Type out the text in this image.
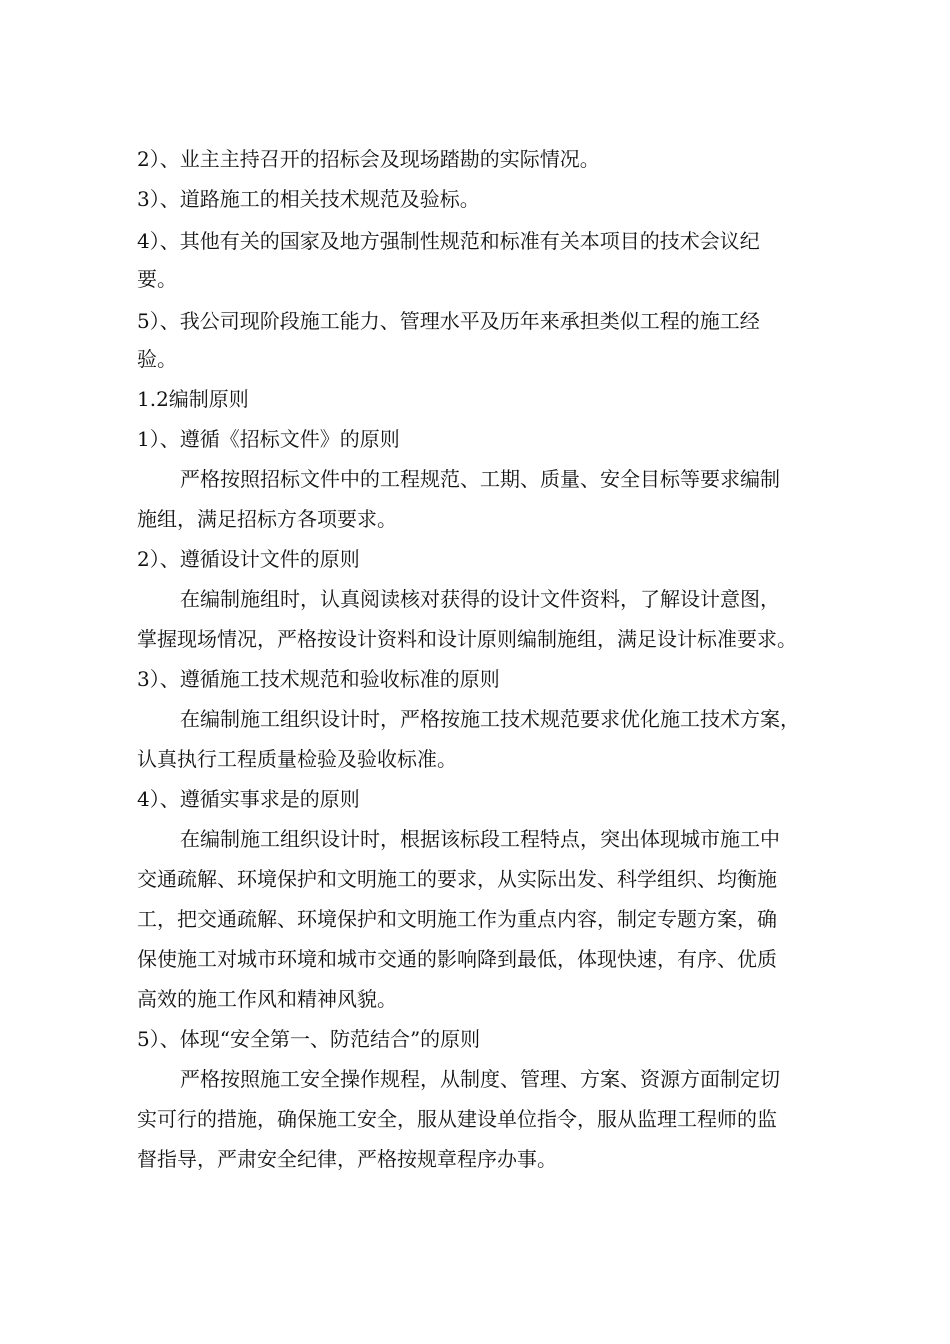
2）、业主主持召开的招标会及现场踏勘的实际情况。
3）、道路施工的相关技术规范及验标。
4）、其他有关的国家及地方强制性规范和标准有关本项目的技术会议纪
要。
5）、我公司现阶段施工能力、管理水平及历年来承担类似工程的施工经
验。
1.2编制原则
1）、遵循《招标文件》的原则
严格按照招标文件中的工程规范、工期、质量、安全目标等要求编制
施组，满足招标方各项要求。
2）、遵循设计文件的原则
在编制施组时，认真阅读核对获得的设计文件资料，了解设计意图，
掌握现场情况，严格按设计资料和设计原则编制施组，满足设计标准要求。
3）、遵循施工技术规范和验收标准的原则
在编制施工组织设计时，严格按施工技术规范要求优化施工技术方案，
认真执行工程质量检验及验收标准。
4）、遵循实事求是的原则
在编制施工组织设计时，根据该标段工程特点，突出体现城市施工中
交通疏解、环境保护和文明施工的要求，从实际出发、科学组织、均衡施
工，把交通疏解、环境保护和文明施工作为重点内容，制定专题方案，确
保使施工对城市环境和城市交通的影响降到最低，体现快速，有序、优质
高效的施工作风和精神风貌。
5）、体现“安全第一、防范结合”的原则
严格按照施工安全操作规程，从制度、管理、方案、资源方面制定切
实可行的措施，确保施工安全，服从建设单位指令，服从监理工程师的监
督指导，严肃安全纪律，严格按规章程序办事。
